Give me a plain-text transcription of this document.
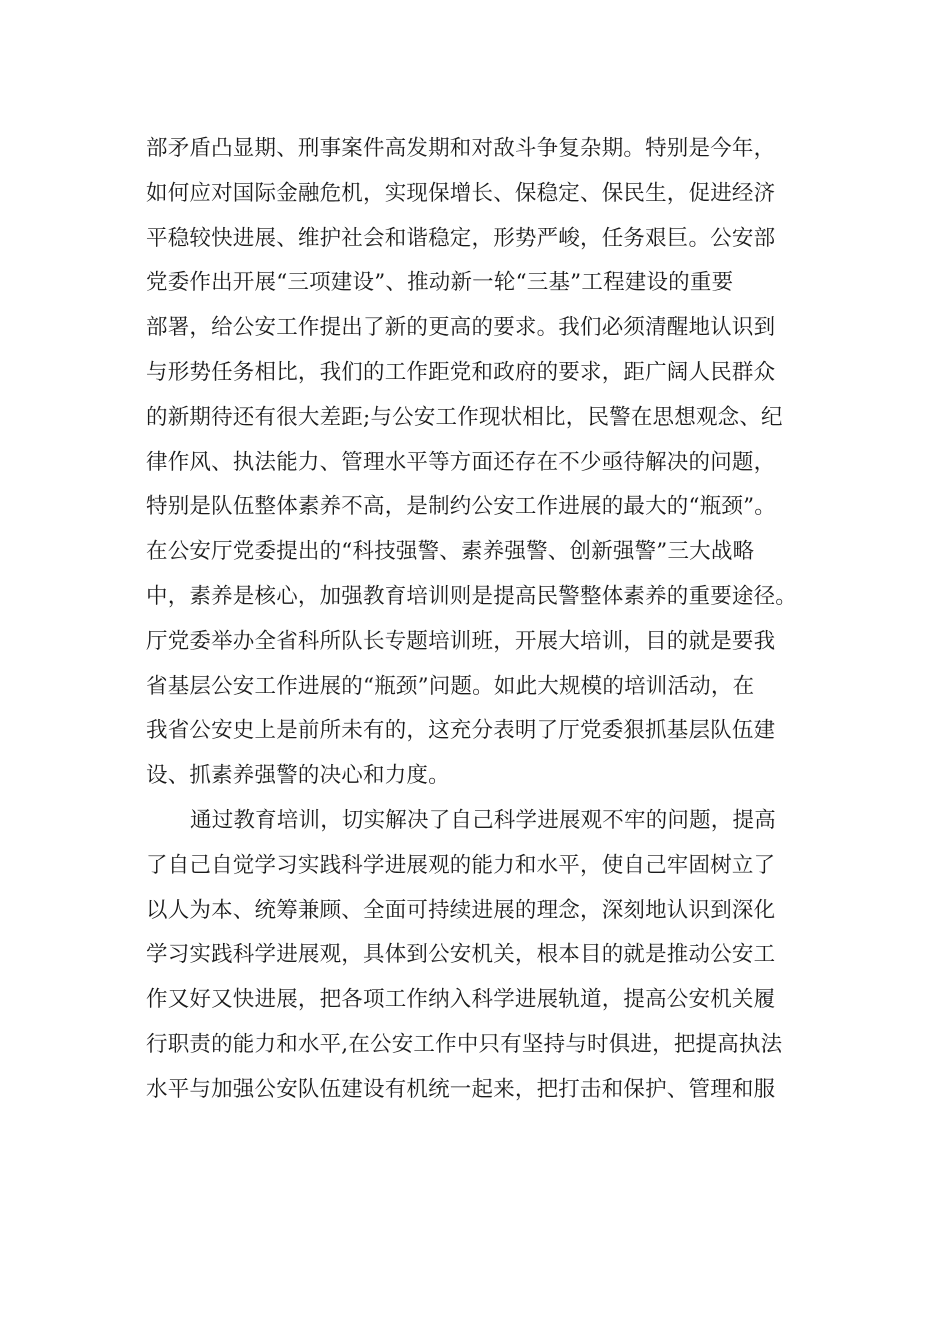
部矛盾凸显期、刑事案件高发期和对敌斗争复杂期。特别是今年，
如何应对国际金融危机，实现保增长、保稳定、保民生，促进经济
平稳较快进展、维护社会和谐稳定，形势严峻，任务艰巨。公安部
党委作出开展“三项建设”、推动新一轮“三基”工程建设的重要
部署，给公安工作提出了新的更高的要求。我们必须清醒地认识到
与形势任务相比，我们的工作距党和政府的要求，距广阔人民群众
的新期待还有很大差距;与公安工作现状相比，民警在思想观念、纪
律作风、执法能力、管理水平等方面还存在不少亟待解决的问题，
特别是队伍整体素养不高，是制约公安工作进展的最大的“瓶颈”。
在公安厅党委提出的“科技强警、素养强警、创新强警”三大战略
中，素养是核心，加强教育培训则是提高民警整体素养的重要途径。
厅党委举办全省科所队长专题培训班，开展大培训，目的就是要我
省基层公安工作进展的“瓶颈”问题。如此大规模的培训活动，在
我省公安史上是前所未有的，这充分表明了厅党委狠抓基层队伍建
设、抓素养强警的决心和力度。
通过教育培训，切实解决了自己科学进展观不牢的问题，提高
了自己自觉学习实践科学进展观的能力和水平，使自己牢固树立了
以人为本、统筹兼顾、全面可持续进展的理念，深刻地认识到深化
学习实践科学进展观，具体到公安机关，根本目的就是推动公安工
作又好又快进展，把各项工作纳入科学进展轨道，提高公安机关履
行职责的能力和水平,在公安工作中只有坚持与时俱进，把提高执法
水平与加强公安队伍建设有机统一起来，把打击和保护、管理和服
